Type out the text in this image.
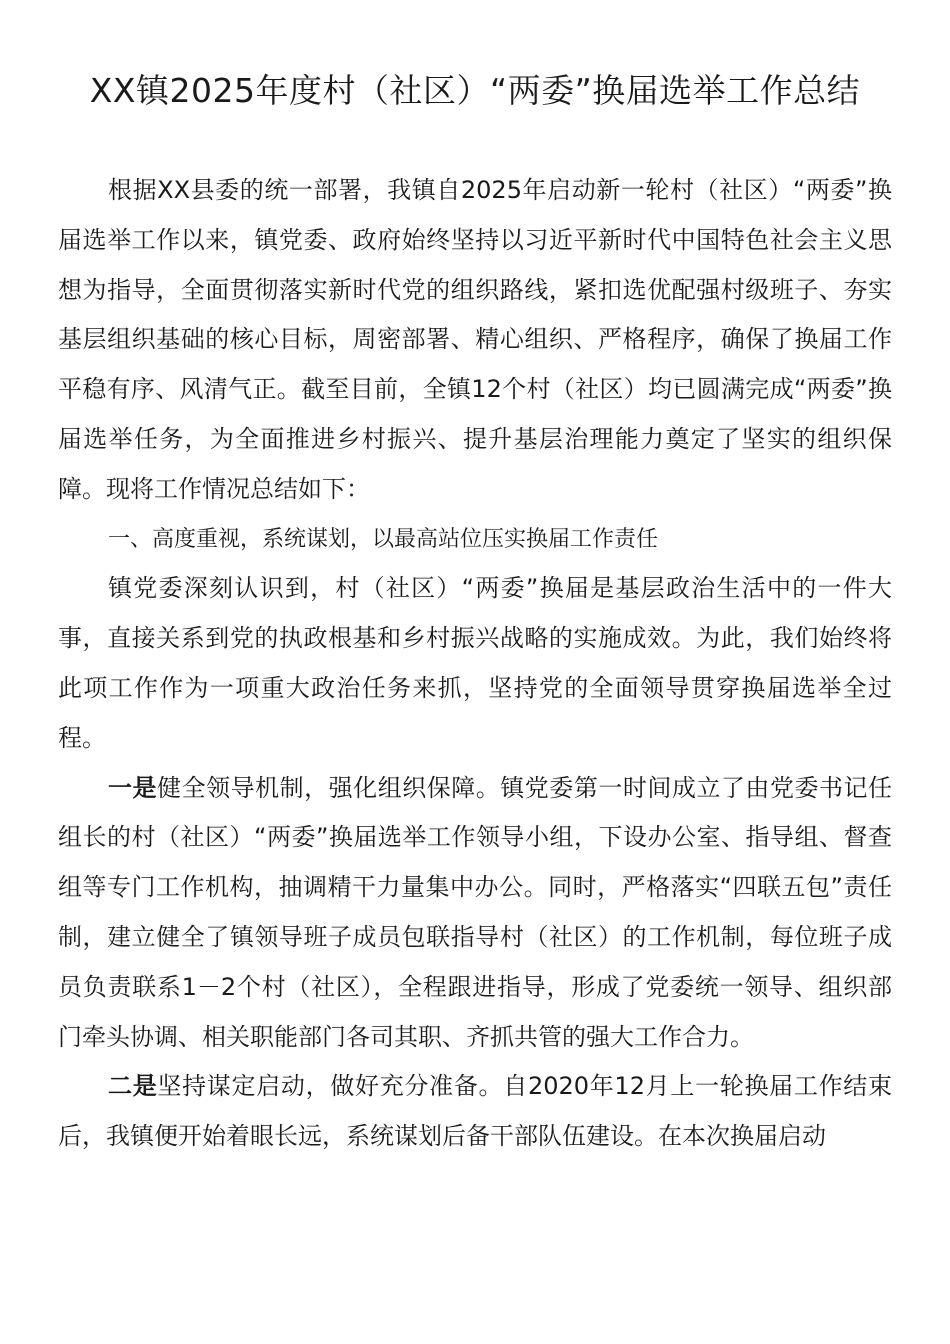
XX镇2025年度村（社区）“两委”换届选举工作总结

根据XX县委的统一部署，我镇自2025年启动新一轮村（社区）“两委”换届选举工作以来，镇党委、政府始终坚持以习近平新时代中国特色社会主义思想为指导，全面贯彻落实新时代党的组织路线，紧扣选优配强村级班子、夯实基层组织基础的核心目标，周密部署、精心组织、严格程序，确保了换届工作平稳有序、风清气正。截至目前，全镇12个村（社区）均已圆满完成“两委”换届选举任务，为全面推进乡村振兴、提升基层治理能力奠定了坚实的组织保障。现将工作情况总结如下：

一、高度重视，系统谋划，以最高站位压实换届工作责任

镇党委深刻认识到，村（社区）“两委”换届是基层政治生活中的一件大事，直接关系到党的执政根基和乡村振兴战略的实施成效。为此，我们始终将此项工作作为一项重大政治任务来抓，坚持党的全面领导贯穿换届选举全过程。

一是健全领导机制，强化组织保障。镇党委第一时间成立了由党委书记任组长的村（社区）“两委”换届选举工作领导小组，下设办公室、指导组、督查组等专门工作机构，抽调精干力量集中办公。同时，严格落实“四联五包”责任制，建立健全了镇领导班子成员包联指导村（社区）的工作机制，每位班子成员负责联系1－2个村（社区），全程跟进指导，形成了党委统一领导、组织部门牵头协调、相关职能部门各司其职、齐抓共管的强大工作合力。

二是坚持谋定启动，做好充分准备。自2020年12月上一轮换届工作结束后，我镇便开始着眼长远，系统谋划后备干部队伍建设。在本次换届启动
